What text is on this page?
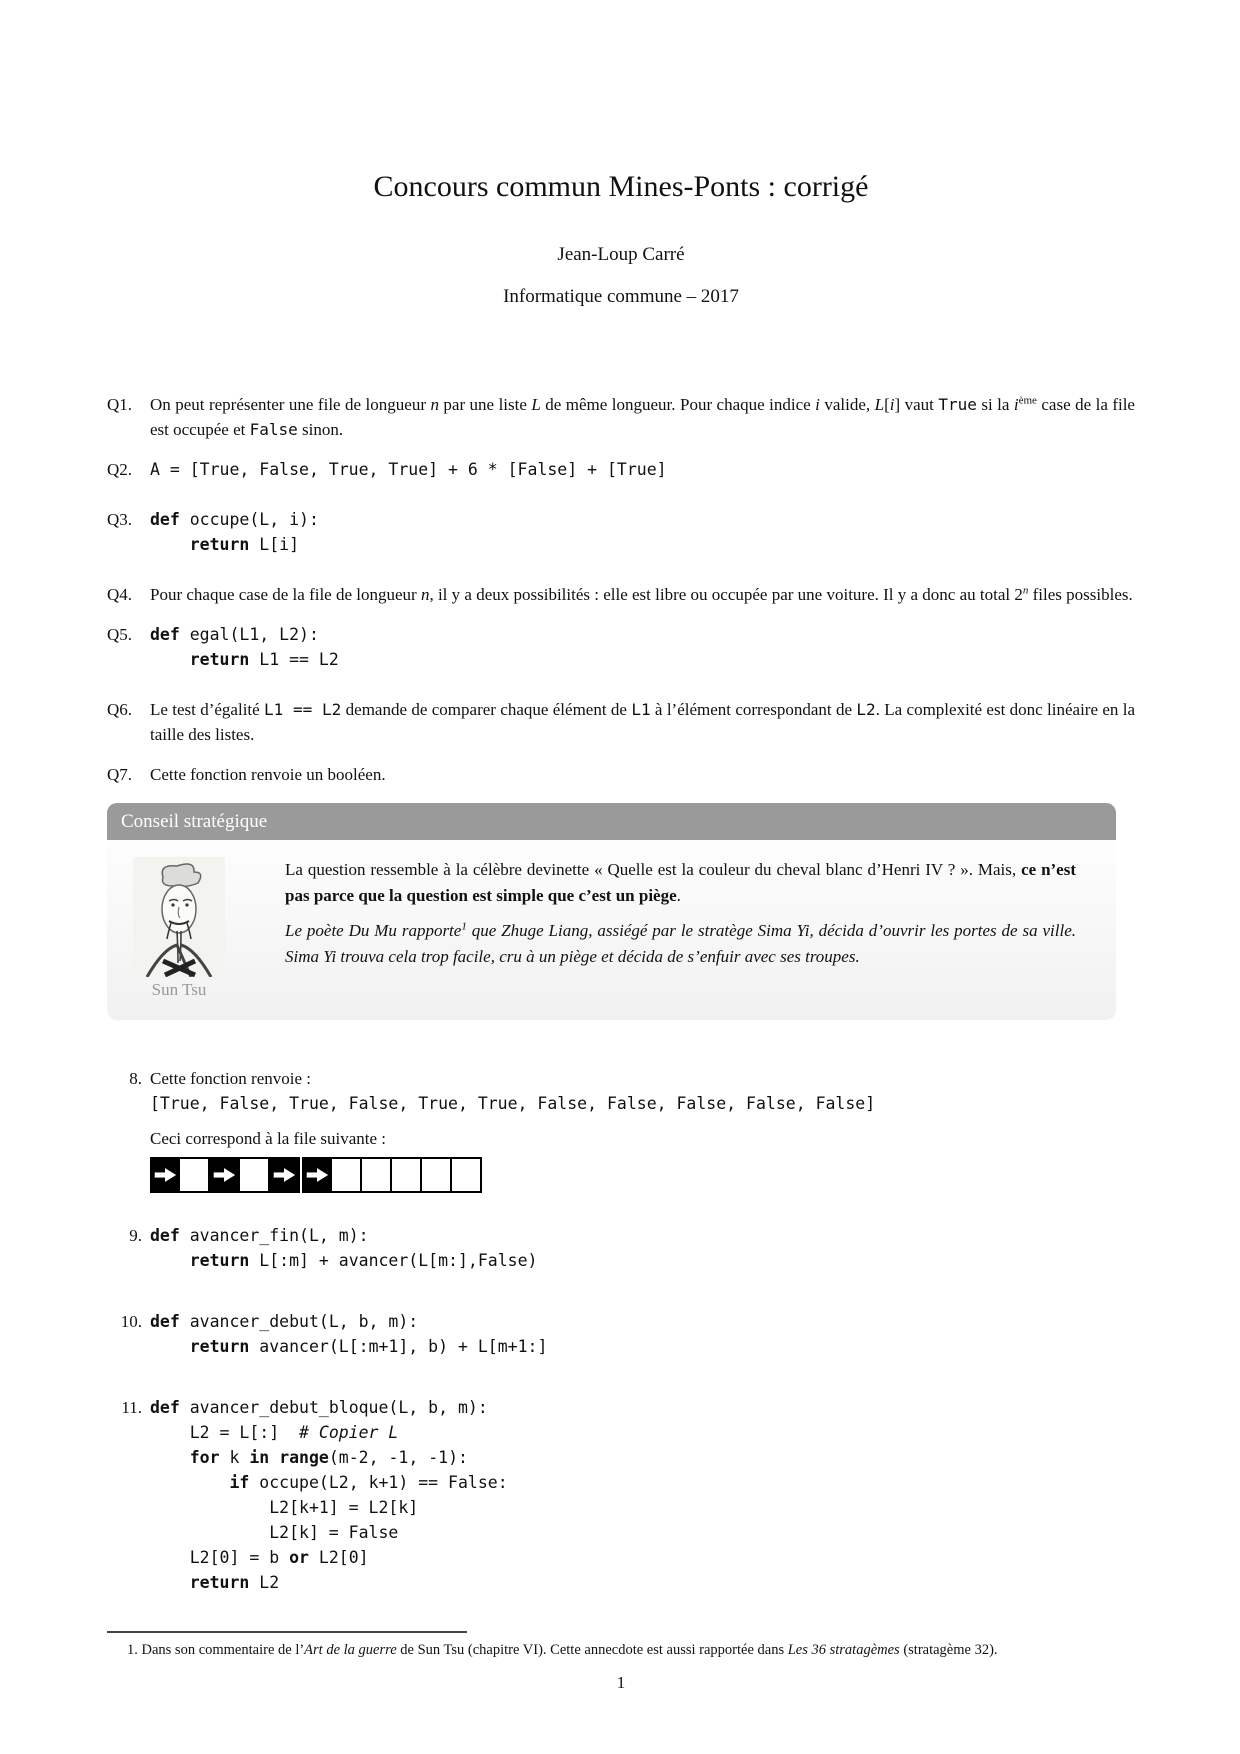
Concours commun Mines-Ponts : corrigé
Jean-Loup Carré
Informatique commune – 2017
Q1.	On peut représenter une file de longueur n par une liste L de même longueur. Pour chaque indice i valide, L[i] vaut True si la $i^{ème}$ case de la file est occupée et False sinon.
Q2.	A = [True, False, True, True] + 6 * [False] + [True]
Q3.	def occupe(L, i):
return L[i]
Q4.	Pour chaque case de la file de longueur n, il y a deux possibilités : elle est libre ou occupée par une voiture. Il y a donc au total 2$^n$ files possibles.
Q5.	def egal(L1, L2):
return L1 == L2
Q6.	Le test d’égalité L1 == L2 demande de comparer chaque élément de L1 à l’élément correspondant de L2. La complexité est donc linéaire en la taille des listes.
Q7.	Cette fonction renvoie un booléen.
Conseil stratégique
Sun Tsu
La question ressemble à la célèbre devinette « Quelle est la couleur du cheval blanc d’Henri IV ? ». Mais, ce n’est pas parce que la question est simple que c’est un piège.
Le poète Du Mu rapporte$^1$ que Zhuge Liang, assiégé par le stratège Sima Yi, décida d’ouvrir les portes de sa ville. Sima Yi trouva cela trop facile, cru à un piège et décida de s’enfuir avec ses troupes.
8. Cette fonction renvoie :
[True, False, True, False, True, True, False, False, False, False, False]
Ceci correspond à la file suivante :
9. def avancer_fin(L, m):
return L[:m] + avancer(L[m:],False)
10. def avancer_debut(L, b, m):
return avancer(L[:m+1], b) + L[m+1:]
11. def avancer_debut_bloque(L, b, m):
L2 = L[:]  # Copier L
for k in range(m-2, -1, -1):
if occupe(L2, k+1) == False:
L2[k+1] = L2[k]
L2[k] = False
L2[0] = b or L2[0]
return L2
1. Dans son commentaire de l’Art de la guerre de Sun Tsu (chapitre VI). Cette annecdote est aussi rapportée dans Les 36 stratagèmes (stratagème 32).
1
